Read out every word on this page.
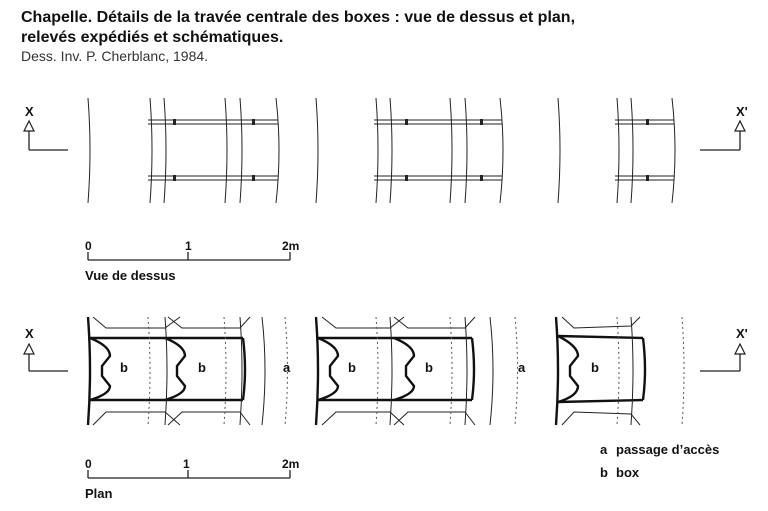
Chapelle. Détails de la travée centrale des boxes : vue de dessus et plan,
relevés expédiés et schématiques.
Dess. Inv. P. Cherblanc, 1984.
X	X'
0	1	2m
Vue de dessus
X	X'
b	b	a	b	b	a	b
0	1	2m
Plan
a passage d’accès
b box
